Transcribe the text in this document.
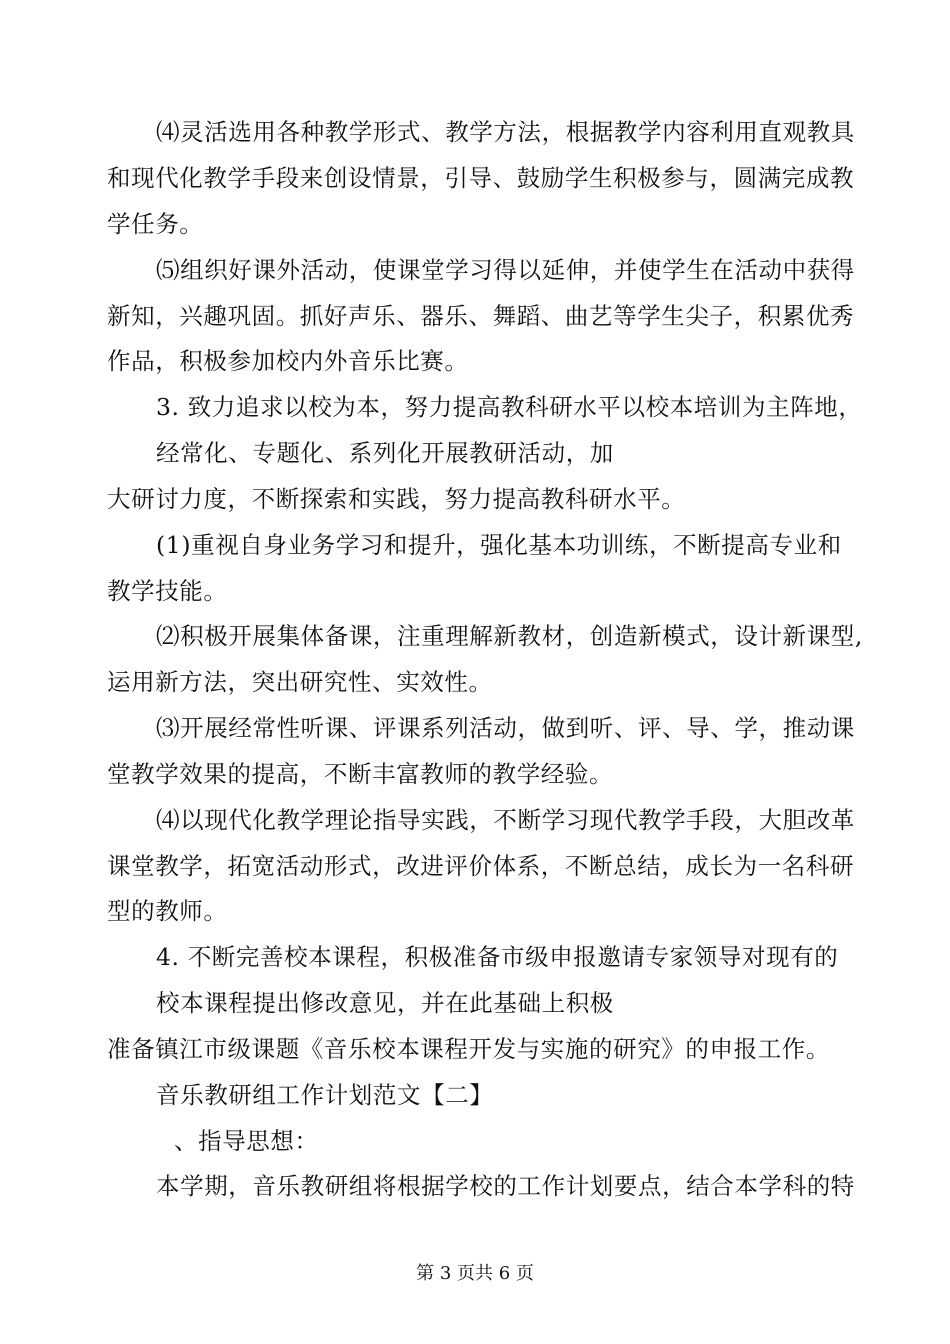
⑷灵活选用各种教学形式、教学方法，根据教学内容利用直观教具
和现代化教学手段来创设情景，引导、鼓励学生积极参与，圆满完成教
学任务。
⑸组织好课外活动，使课堂学习得以延伸，并使学生在活动中获得
新知，兴趣巩固。抓好声乐、器乐、舞蹈、曲艺等学生尖子，积累优秀
作品，积极参加校内外音乐比赛。
3. 致力追求以校为本，努力提高教科研水平以校本培训为主阵地，
经常化、专题化、系列化开展教研活动，加
大研讨力度，不断探索和实践，努力提高教科研水平。
(1)重视自身业务学习和提升，强化基本功训练，不断提高专业和
教学技能。
⑵积极开展集体备课，注重理解新教材，创造新模式，设计新课型,
运用新方法，突出研究性、实效性。
⑶开展经常性听课、评课系列活动，做到听、评、导、学，推动课
堂教学效果的提高，不断丰富教师的教学经验。
⑷以现代化教学理论指导实践，不断学习现代教学手段，大胆改革
课堂教学，拓宽活动形式，改进评价体系，不断总结，成长为一名科研
型的教师。
4. 不断完善校本课程，积极准备市级申报邀请专家领导对现有的
校本课程提出修改意见，并在此基础上积极
准备镇江市级课题《音乐校本课程开发与实施的研究》的申报工作。
音乐教研组工作计划范文【二】
、指导思想：
本学期，音乐教研组将根据学校的工作计划要点，结合本学科的特
第 3 页共 6 页
